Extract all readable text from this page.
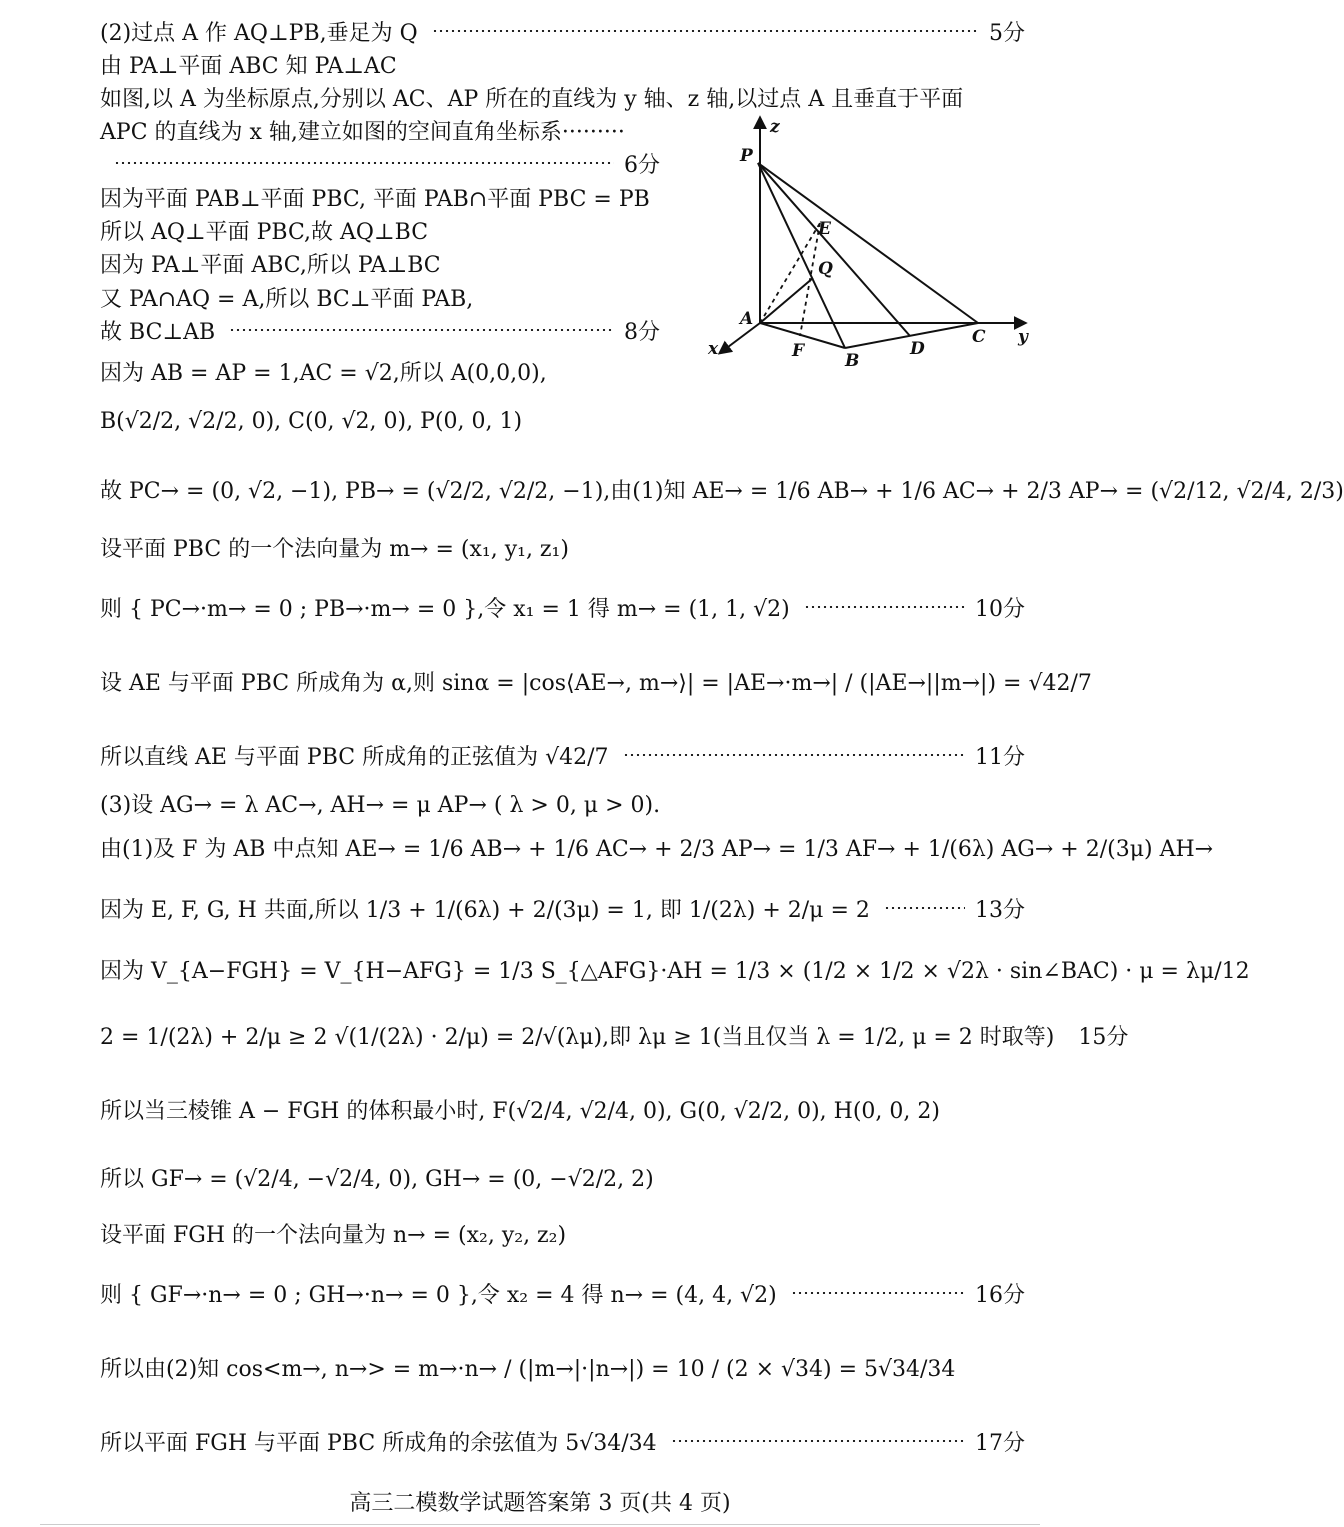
(2)过点 A 作 AQ⊥PB,垂足为 Q	5分
由 PA⊥平面 ABC 知 PA⊥AC
如图,以 A 为坐标原点,分别以 AC、AP 所在的直线为 y 轴、z 轴,以过点 A 且垂直于平面
APC 的直线为 x 轴,建立如图的空间直角坐标系·········
6分
因为平面 PAB⊥平面 PBC, 平面 PAB∩平面 PBC = PB
所以 AQ⊥平面 PBC,故 AQ⊥BC
因为 PA⊥平面 ABC,所以 PA⊥BC
又 PA∩AQ = A,所以 BC⊥平面 PAB,
故 BC⊥AB	8分
因为 AB = AP = 1,AC = √2,所以 A(0,0,0),
B(√2/2, √2/2, 0), C(0, √2, 0), P(0, 0, 1)
故 PC→ = (0, √2, −1), PB→ = (√2/2, √2/2, −1),由(1)知 AE→ = 1/6 AB→ + 1/6 AC→ + 2/3 AP→ = (√2/12, √2/4, 2/3)
设平面 PBC 的一个法向量为 m→ = (x₁, y₁, z₁)
则 { PC→·m→ = 0 ; PB→·m→ = 0 },令 x₁ = 1 得 m→ = (1, 1, √2)	10分
设 AE 与平面 PBC 所成角为 α,则 sinα = |cos⟨AE→, m→⟩| = |AE→·m→| / (|AE→||m→|) = √42/7
所以直线 AE 与平面 PBC 所成角的正弦值为 √42/7	11分
(3)设 AG→ = λ AC→, AH→ = μ AP→ ( λ > 0, μ > 0).
由(1)及 F 为 AB 中点知 AE→ = 1/6 AB→ + 1/6 AC→ + 2/3 AP→ = 1/3 AF→ + 1/(6λ) AG→ + 2/(3μ) AH→
因为 E, F, G, H 共面,所以 1/3 + 1/(6λ) + 2/(3μ) = 1, 即 1/(2λ) + 2/μ = 2	13分
因为 V_{A−FGH} = V_{H−AFG} = 1/3 S_{△AFG}·AH = 1/3 × (1/2 × 1/2 × √2λ · sin∠BAC) · μ = λμ/12
2 = 1/(2λ) + 2/μ ≥ 2 √(1/(2λ) · 2/μ) = 2/√(λμ),即 λμ ≥ 1(当且仅当 λ = 1/2, μ = 2 时取等) 15分
所以当三棱锥 A − FGH 的体积最小时, F(√2/4, √2/4, 0), G(0, √2/2, 0), H(0, 0, 2)
所以 GF→ = (√2/4, −√2/4, 0), GH→ = (0, −√2/2, 2)
设平面 FGH 的一个法向量为 n→ = (x₂, y₂, z₂)
则 { GF→·n→ = 0 ; GH→·n→ = 0 },令 x₂ = 4 得 n→ = (4, 4, √2)	16分
所以由(2)知 cos<m→, n→> = m→·n→ / (|m→|·|n→|) = 10 / (2 × √34) = 5√34/34
所以平面 FGH 与平面 PBC 所成角的余弦值为 5√34/34	17分
z
P
E
Q
A
x	F B
D
C y
高三二模数学试题答案第 3 页(共 4 页)
